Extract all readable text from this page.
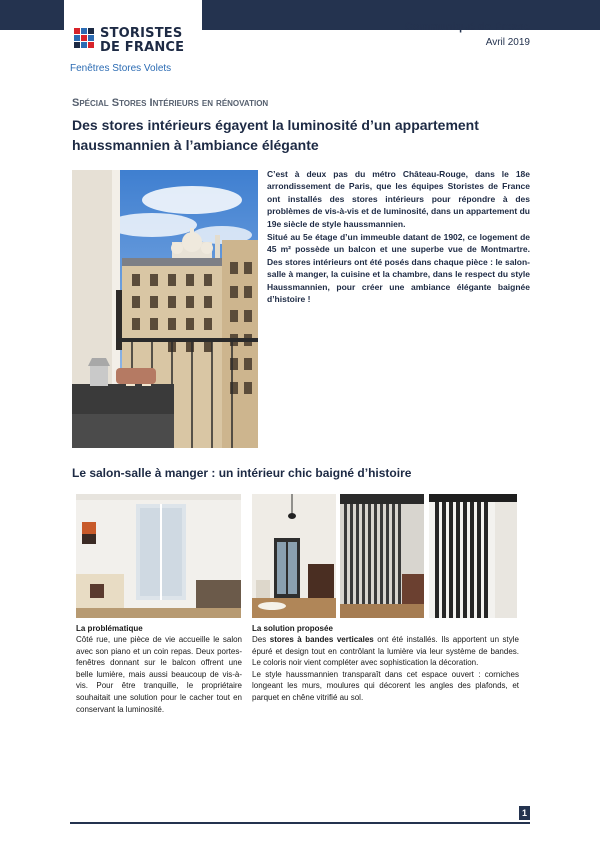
STORISTES
DE FRANCE
Fenêtres Stores Volets
Communiqué de Presse
Avril 2019
Spécial Stores Intérieurs en rénovation
Des stores intérieurs égayent la luminosité d’un appartement haussmannien à l’ambiance élégante

C’est à deux pas du métro Château-Rouge, dans le 18e arrondissement de Paris, que les équipes Storistes de France ont installés des stores intérieurs pour répondre à des problèmes de vis-à-vis et de luminosité, dans un appartement du 19e siècle de style haussmannien.

Situé au 5e étage d’un immeuble datant de 1902, ce logement de 45 m² possède un balcon et une superbe vue de Montmartre. Des stores intérieurs ont été posés dans chaque pièce : le salon-salle à manger, la cuisine et la chambre, dans le respect du style Haussmannien, pour créer une ambiance élégante baignée d’histoire !

Le salon-salle à manger : un intérieur chic baigné d’histoire
La problématique
Côté rue, une pièce de vie accueille le salon avec son piano et un coin repas. Deux portes-fenêtres donnant sur le balcon offrent une belle lumière, mais aussi beaucoup de vis-à-vis. Pour être tranquille, le propriétaire souhaitait une solution pour le cacher tout en conservant la luminosité.
La solution proposée

Des stores à bandes verticales ont été installés. Ils apportent un style épuré et design tout en contrôlant la lumière via leur système de bandes. Le coloris noir vient compléter avec sophistication la décoration.

Le style haussmannien transparaît dans cet espace ouvert : corniches longeant les murs, moulures qui décorent les angles des plafonds, et parquet en chêne vitrifié au sol.

1
